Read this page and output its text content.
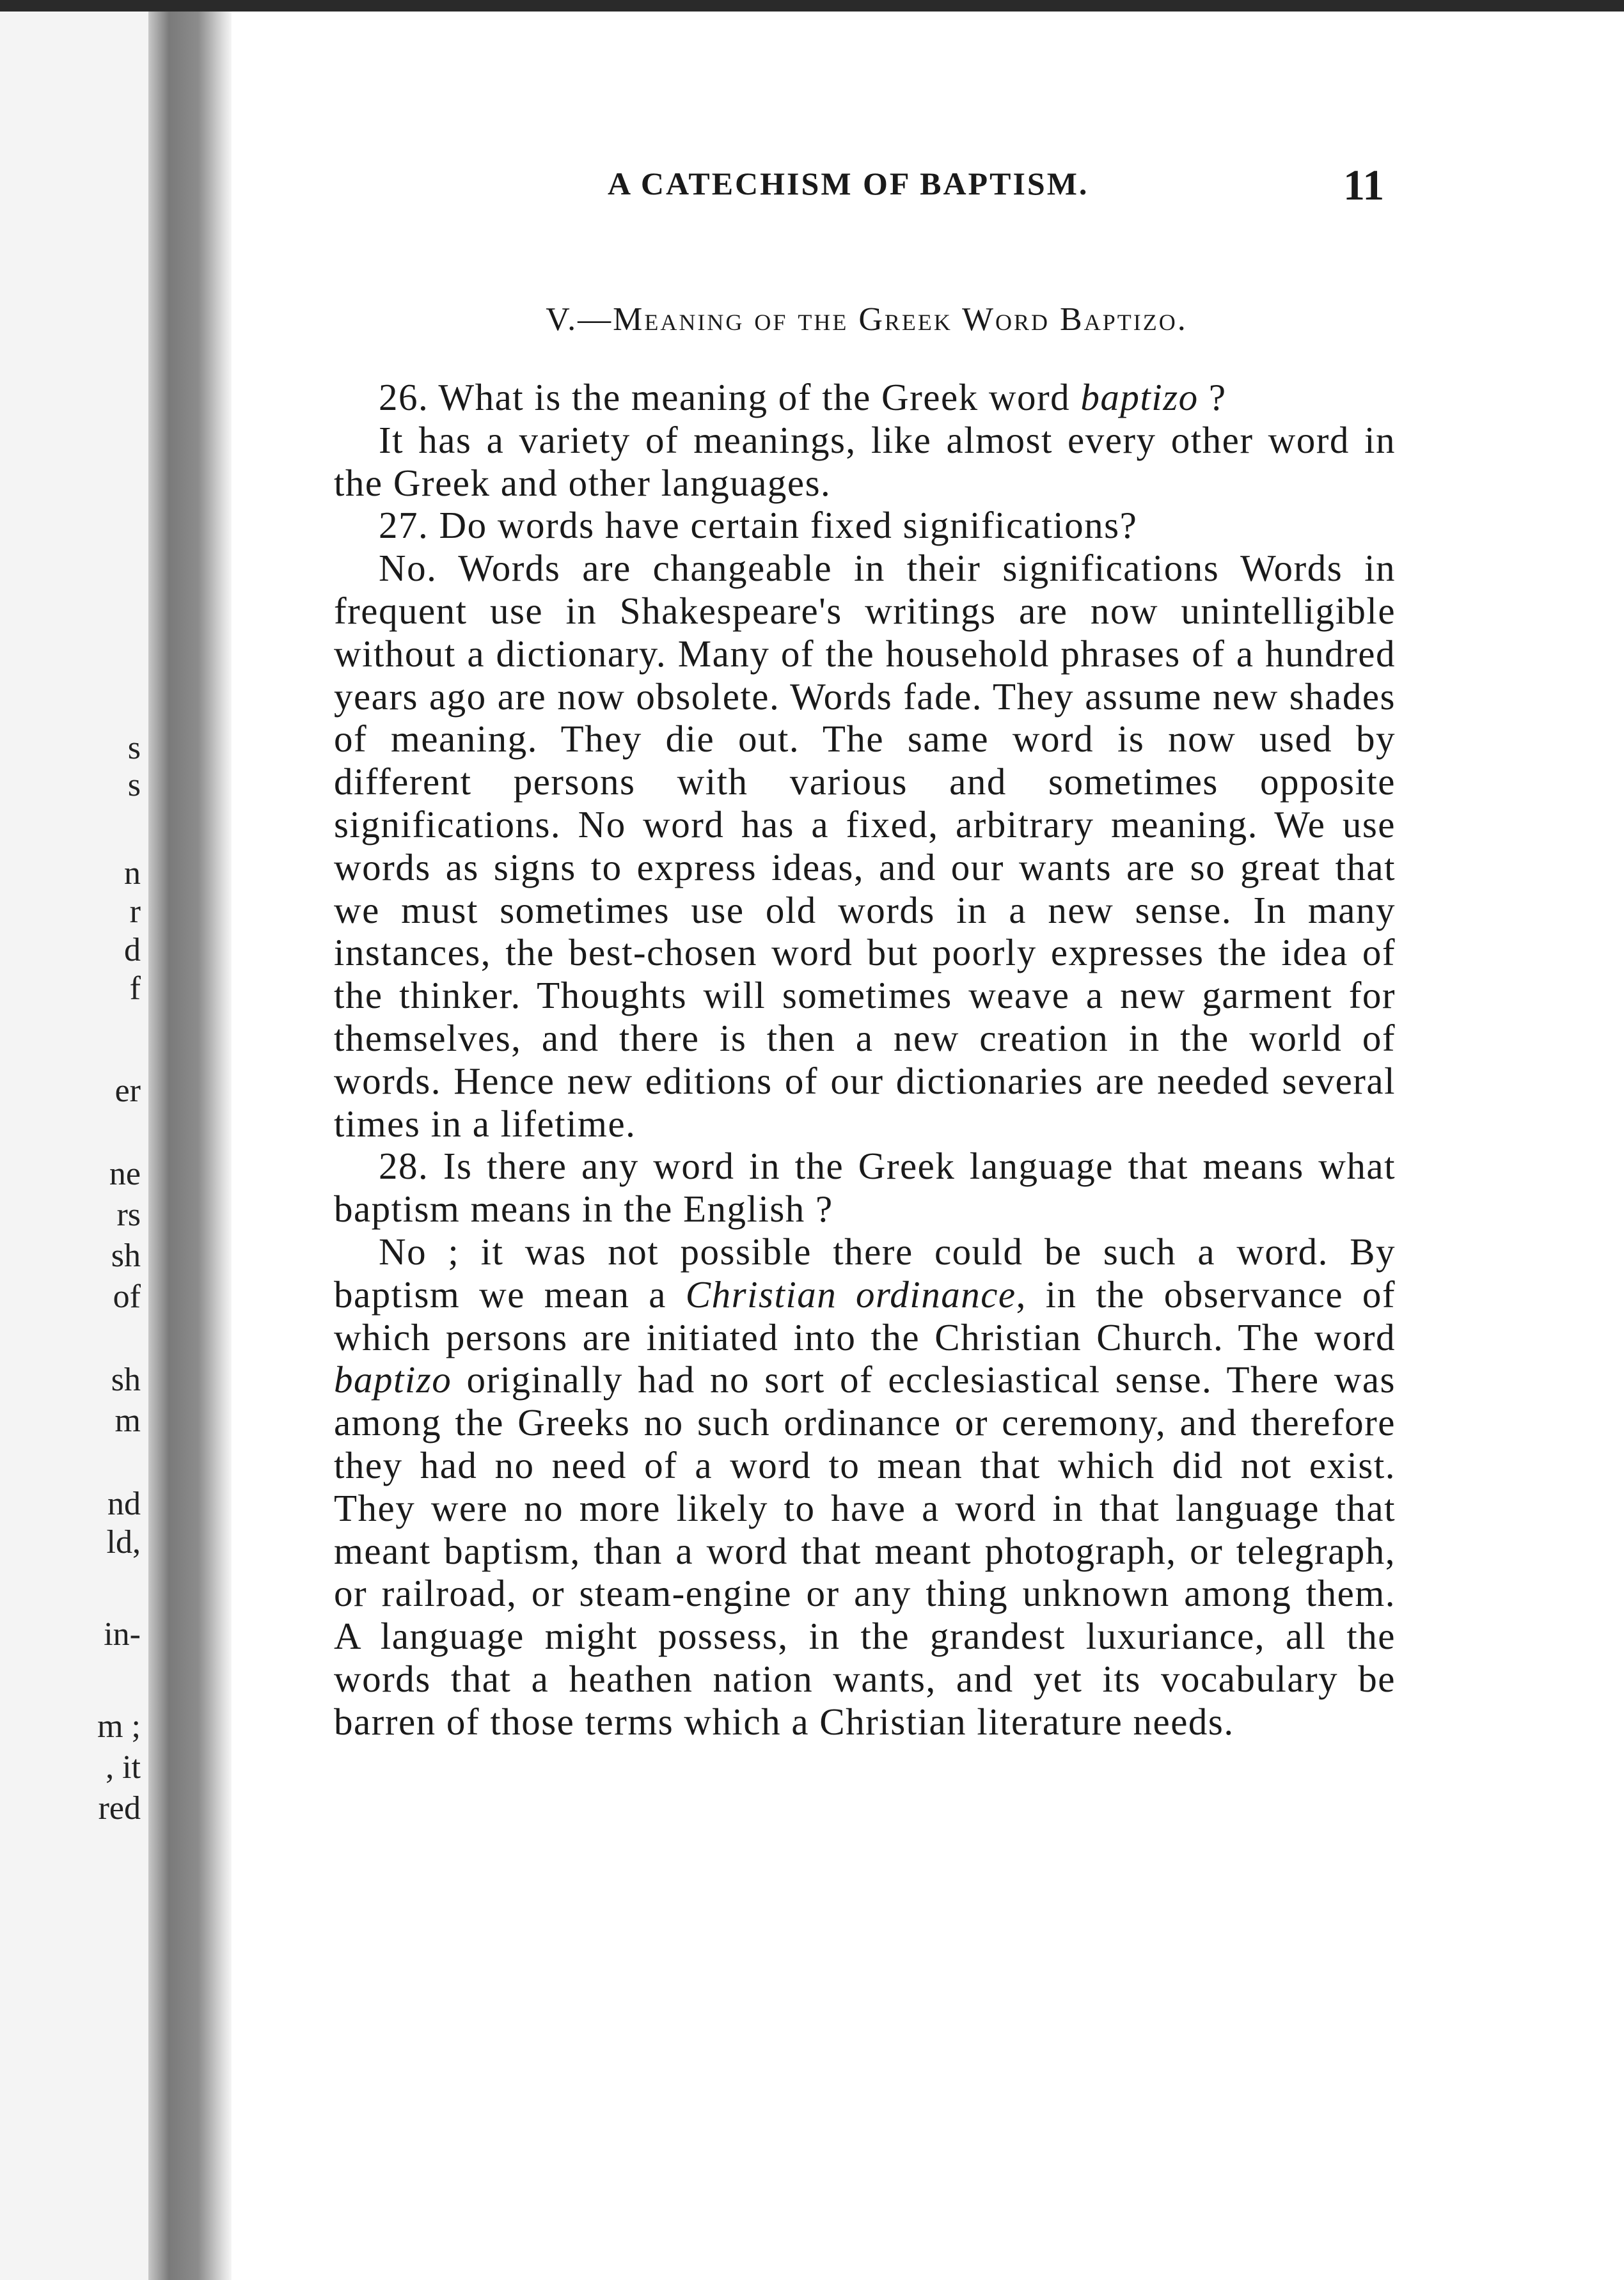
s
s
n
r
d
f
er
ne
rs
sh
of
sh
m
nd
ld,
in-
m ;
, it
red
A CATECHISM OF BAPTISM.	11
V.—Meaning of the Greek Word Baptizo.

26. What is the meaning of the Greek word baptizo ?

It has a variety of meanings, like almost every other word in the Greek and other languages.

27. Do words have certain fixed significations?

No. Words are changeable in their significations Words in frequent use in Shakespeare's writings are now unintelligible without a dictionary. Many of the household phrases of a hundred years ago are now obsolete. Words fade. They assume new shades of meaning. They die out. The same word is now used by different persons with various and sometimes opposite significations. No word has a fixed, arbitrary meaning. We use words as signs to express ideas, and our wants are so great that we must sometimes use old words in a new sense. In many instances, the best-chosen word but poorly expresses the idea of the thinker. Thoughts will sometimes weave a new garment for themselves, and there is then a new creation in the world of words. Hence new editions of our dictionaries are needed several times in a lifetime.

28. Is there any word in the Greek language that means what baptism means in the English ?

No ; it was not possible there could be such a word. By baptism we mean a Christian ordinance, in the observance of which persons are initiated into the Christian Church. The word baptizo originally had no sort of ecclesiastical sense. There was among the Greeks no such ordinance or ceremony, and therefore they had no need of a word to mean that which did not exist. They were no more likely to have a word in that language that meant baptism, than a word that meant photograph, or telegraph, or railroad, or steam-engine or any thing unknown among them. A language might possess, in the grandest luxuriance, all the words that a heathen nation wants, and yet its vocabulary be barren of those terms which a Christian literature needs.
